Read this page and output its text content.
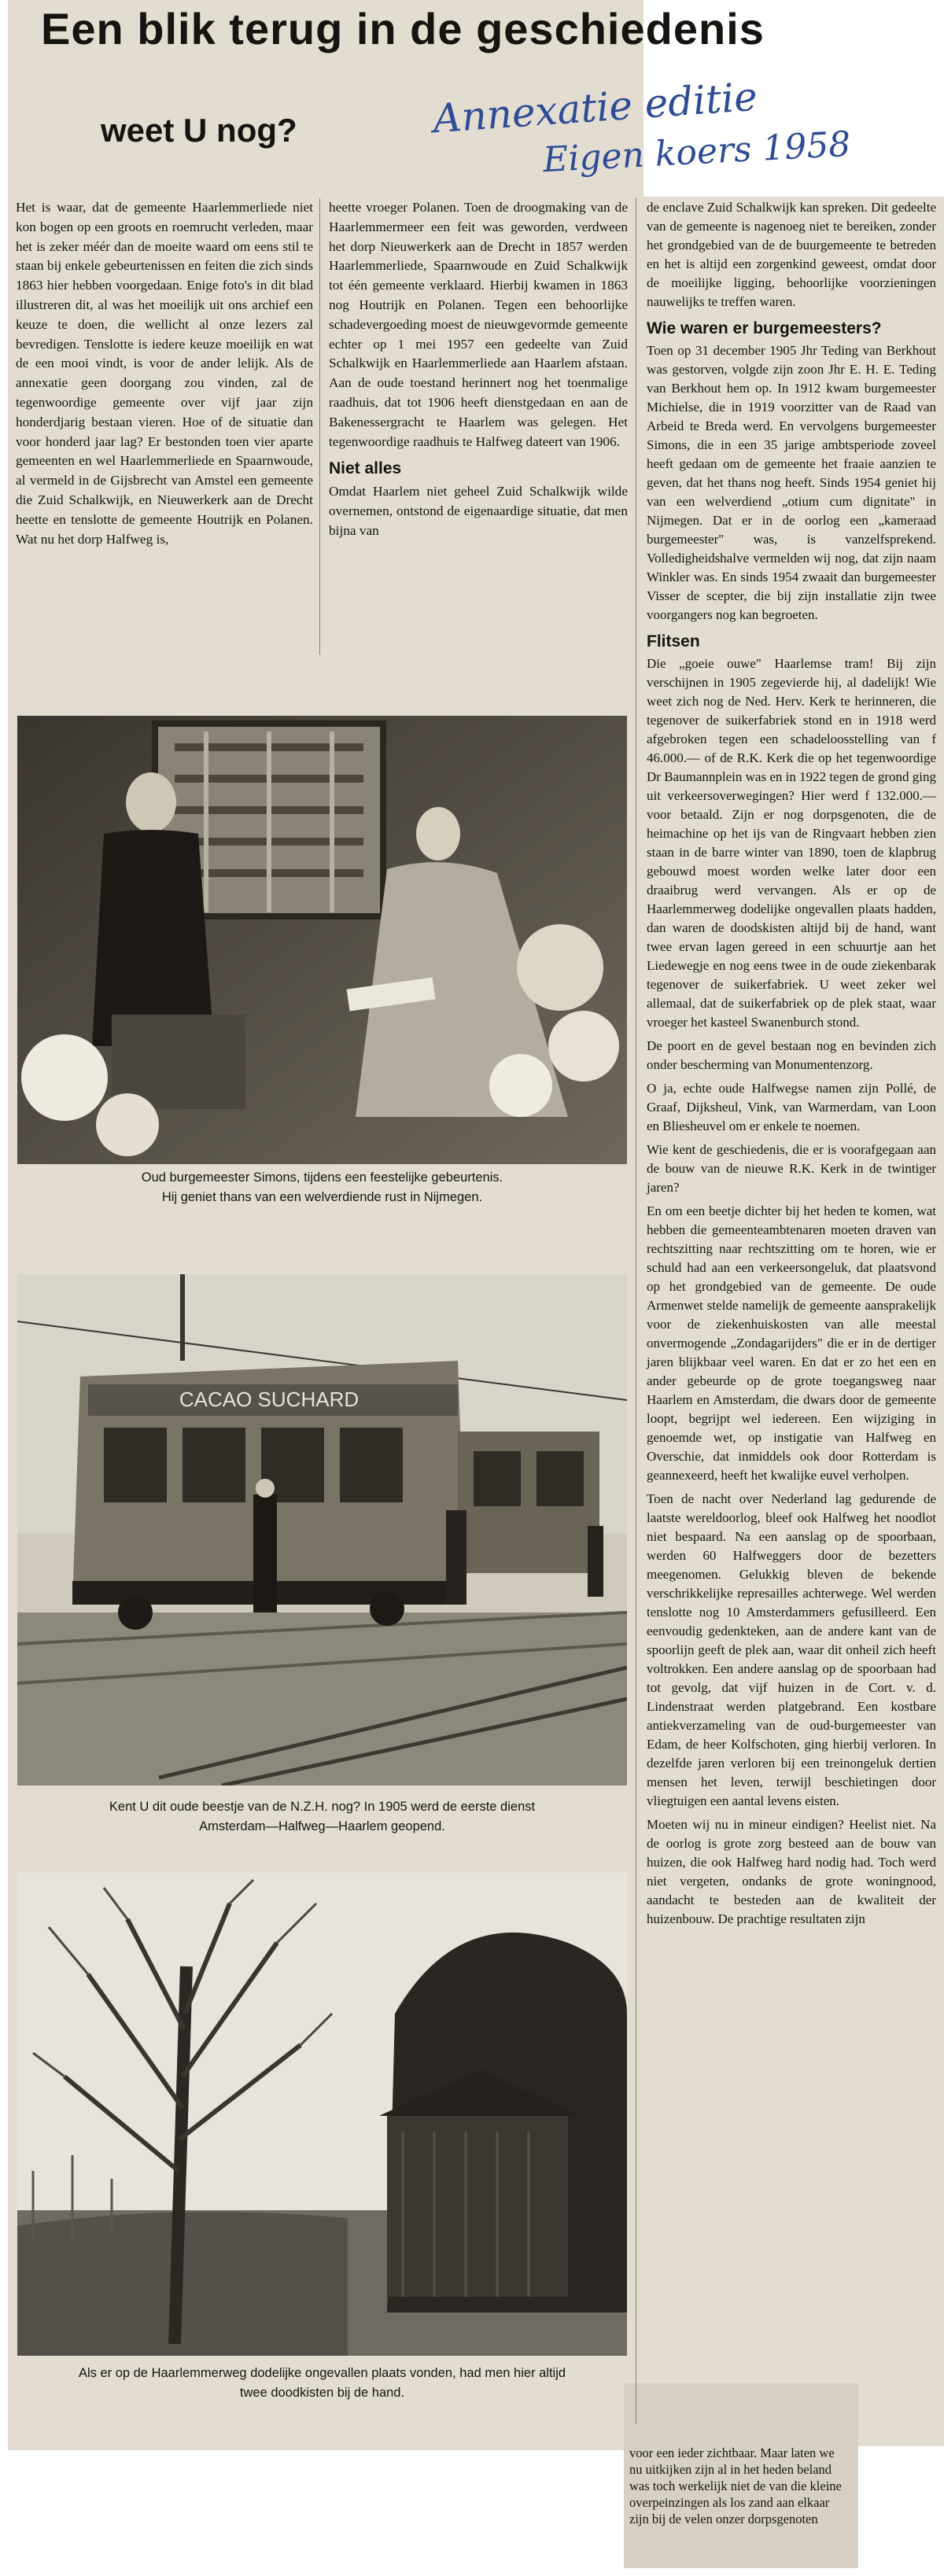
Een blik terug in de geschiedenis
weet U nog?	Annexatie editie
Eigen koers 1958

Het is waar, dat de gemeente Haarlemmerliede niet kon bogen op een groots en roemrucht verleden, maar het is zeker méér dan de moeite waard om eens stil te staan bij enkele gebeurtenissen en feiten die zich sinds 1863 hier hebben voorgedaan. Enige foto's in dit blad illustreren dit, al was het moeilijk uit ons archief een keuze te doen, die wellicht al onze lezers zal bevredigen. Tenslotte is iedere keuze moeilijk en wat de een mooi vindt, is voor de ander lelijk. Als de annexatie geen doorgang zou vinden, zal de tegenwoordige gemeente over vijf jaar zijn honderdjarig bestaan vieren. Hoe of de situatie dan voor honderd jaar lag? Er bestonden toen vier aparte gemeenten en wel Haarlemmerliede en Spaarnwoude, al vermeld in de Gijsbrecht van Amstel een gemeente die Zuid Schalkwijk, en Nieuwerkerk aan de Drecht heette en tenslotte de gemeente Houtrijk en Polanen. Wat nu het dorp Halfweg is,

heette vroeger Polanen. Toen de droogmaking van de Haarlemmermeer een feit was geworden, verdween het dorp Nieuwerkerk aan de Drecht in 1857 werden Haarlemmerliede, Spaarnwoude en Zuid Schalkwijk tot één gemeente verklaard. Hierbij kwamen in 1863 nog Houtrijk en Polanen. Tegen een behoorlijke schadevergoeding moest de nieuwgevormde gemeente echter op 1 mei 1957 een gedeelte van Zuid Schalkwijk en Haarlemmerliede aan Haarlem afstaan. Aan de oude toestand herinnert nog het toenmalige raadhuis, dat tot 1906 heeft dienstgedaan en aan de Bakenessergracht te Haarlem was gelegen. Het tegenwoordige raadhuis te Halfweg dateert van 1906.

Niet alles

Omdat Haarlem niet geheel Zuid Schalkwijk wilde overnemen, ontstond de eigenaardige situatie, dat men bijna van

de enclave Zuid Schalkwijk kan spreken. Dit gedeelte van de gemeente is nagenoeg niet te bereiken, zonder het grondgebied van de de buurgemeente te betreden en het is altijd een zorgenkind geweest, omdat door de moeilijke ligging, behoorlijke voorzieningen nauwelijks te treffen waren.

Wie waren er burgemeesters?

Toen op 31 december 1905 Jhr Teding van Berkhout was gestorven, volgde zijn zoon Jhr E. H. E. Teding van Berkhout hem op. In 1912 kwam burgemeester Michielse, die in 1919 voorzitter van de Raad van Arbeid te Breda werd. En vervolgens burgemeester Simons, die in een 35 jarige ambtsperiode zoveel heeft gedaan om de gemeente het fraaie aanzien te geven, dat het thans nog heeft. Sinds 1954 geniet hij van een welverdiend „otium cum dignitate" in Nijmegen. Dat er in de oorlog een „kameraad burgemeester" was, is vanzelfsprekend. Volledigheidshalve vermelden wij nog, dat zijn naam Winkler was. En sinds 1954 zwaait dan burgemeester Visser de scepter, die bij zijn installatie zijn twee voorgangers nog kan begroeten.

Flitsen

Die „goeie ouwe" Haarlemse tram! Bij zijn verschijnen in 1905 zegevierde hij, al dadelijk! Wie weet zich nog de Ned. Herv. Kerk te herinneren, die tegenover de suikerfabriek stond en in 1918 werd afgebroken tegen een schadeloosstelling van f 46.000.— of de R.K. Kerk die op het tegenwoordige Dr Baumannplein was en in 1922 tegen de grond ging uit verkeersoverwegingen? Hier werd f 132.000.— voor betaald. Zijn er nog dorpsgenoten, die de heimachine op het ijs van de Ringvaart hebben zien staan in de barre winter van 1890, toen de klapbrug gebouwd moest worden welke later door een draaibrug werd vervangen. Als er op de Haarlemmerweg dodelijke ongevallen plaats hadden, dan waren de doodskisten altijd bij de hand, want twee ervan lagen gereed in een schuurtje aan het Liedewegje en nog eens twee in de oude ziekenbarak tegenover de suikerfabriek. U weet zeker wel allemaal, dat de suikerfabriek op de plek staat, waar vroeger het kasteel Swanenburch stond.

De poort en de gevel bestaan nog en bevinden zich onder bescherming van Monumentenzorg.

O ja, echte oude Halfwegse namen zijn Pollé, de Graaf, Dijksheul, Vink, van Warmerdam, van Loon en Bliesheuvel om er enkele te noemen.

Wie kent de geschiedenis, die er is voorafgegaan aan de bouw van de nieuwe R.K. Kerk in de twintiger jaren?

En om een beetje dichter bij het heden te komen, wat hebben die gemeenteambtenaren moeten draven van rechtszitting naar rechtszitting om te horen, wie er schuld had aan een verkeersongeluk, dat plaatsvond op het grondgebied van de gemeente. De oude Armenwet stelde namelijk de gemeente aansprakelijk voor de ziekenhuiskosten van alle meestal onvermogende „Zondagarijders" die er in de dertiger jaren blijkbaar veel waren. En dat er zo het een en ander gebeurde op de grote toegangsweg naar Haarlem en Amsterdam, die dwars door de gemeente loopt, begrijpt wel iedereen. Een wijziging in genoemde wet, op instigatie van Halfweg en Overschie, dat inmiddels ook door Rotterdam is geannexeerd, heeft het kwalijke euvel verholpen.

Toen de nacht over Nederland lag gedurende de laatste wereldoorlog, bleef ook Halfweg het noodlot niet bespaard. Na een aanslag op de spoorbaan, werden 60 Halfweggers door de bezetters meegenomen. Gelukkig bleven de bekende verschrikkelijke represailles achterwege. Wel werden tenslotte nog 10 Amsterdammers gefusilleerd. Een eenvoudig gedenkteken, aan de andere kant van de spoorlijn geeft de plek aan, waar dit onheil zich heeft voltrokken. Een andere aanslag op de spoorbaan had tot gevolg, dat vijf huizen in de Cort. v. d. Lindenstraat werden platgebrand. Een kostbare antiekverzameling van de oud-burgemeester van Edam, de heer Kolfschoten, ging hierbij verloren. In dezelfde jaren verloren bij een treinongeluk dertien mensen het leven, terwijl beschietingen door vliegtuigen een aantal levens eisten.

Moeten wij nu in mineur eindigen? Heelist niet. Na de oorlog is grote zorg besteed aan de bouw van huizen, die ook Halfweg hard nodig had. Toch werd niet vergeten, ondanks de grote woningnood, aandacht te besteden aan de kwaliteit der huizenbouw. De prachtige resultaten zijn

voor een ieder zichtbaar. Maar laten we nu uitkijken zijn al in het heden beland was toch werkelijk niet de van die kleine overpeinzingen als los zand aan elkaar zijn bij de velen onzer dorpsgenoten
Oud burgemeester Simons, tijdens een feestelijke gebeurtenis.
Hij geniet thans van een welverdiende rust in Nijmegen.
CACAO SUCHARD
Kent U dit oude beestje van de N.Z.H. nog? In 1905 werd de eerste dienst
Amsterdam—Halfweg—Haarlem geopend.
Als er op de Haarlemmerweg dodelijke ongevallen plaats vonden, had men hier altijd
twee doodkisten bij de hand.
